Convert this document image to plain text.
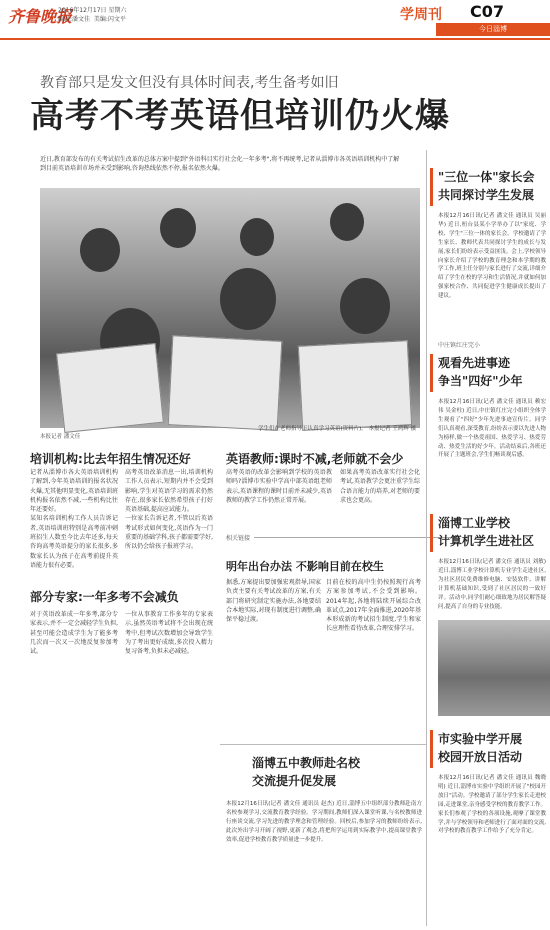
齐鲁晚报
2016年12月17日 星期六
编辑:潘文佳  美编:闪文平	学周刊 C07
今日淄博
教育部只是发文但没有具体时间表,考生备考如旧
高考不考英语但培训仍火爆
近日,教育部发布的有关考试招生改革的总体方案中提到"外语科目实行社会化一年多考",将不再统考,记者从淄博市各英语培训机构中了解到目前英语培训市场并未受到影响,咨询热线依然不停,报名依然火爆。
学生们在老师指导下认真学习英语(资料片)。 本报记者 王鸿辉 摄
本报记者 潘文佳
培训机构:比去年招生情况还好

记者从淄博市各大英语培训机构了解到,今年英语培训的报名状况火爆,无其他明显变化,英语培训班机构报名依然不减,一些机构比往年还要好。

某知名培训机构工作人员告诉记者,英语培训班特别是高考前冲刺班招生人数至今比去年还多,每天咨询高考英语提分的家长很多,多数家长认为孩子在高考前提升英语能力很有必要。

高考英语改革消息一出,培训机构工作人员表示,短期内并不会受到影响,学生对英语学习的需求仍然存在,很多家长依然希望孩子打好英语基础,提高应试能力。

一位家长告诉记者,不管以后英语考试形式如何变化,英语作为一门重要的基础学科,孩子都需要学好,所以仍会给孩子报班学习。

部分专家:一年多考不会减负

对于英语改革成一年多考,部分专家表示,并不一定会减轻学生负担,甚至可能会造成学生为了能多考几次而一次又一次地反复参加考试。

一位从事教育工作多年的专家表示,虽然英语考试将不会出现在统考中,但考试次数增加会导致学生为了考出更好成绩,多次投入精力复习备考,负担未必减轻。

英语教师:课时不减,老师就不会少

高考英语的改革会影响到学校的英语教师吗?淄博市实验中学高中部英语组老师表示,英语课程的课时目前并未减少,英语教师的教学工作仍然正常开展。

如果高考英语改革实行社会化考试,英语教学会更注重学生综合语言能力的培养,对老师的要求也会更高。

相关链接
明年出台办法 不影响目前在校生

据悉,方案提出要加强宏观指导,国家负责主要有关考试改革的方案,有关部门将研究制定实施办法,各地要结合本地实际,对现有制度进行调整,确保平稳过渡。

目前在校的高中生仍按照现行高考方案参加考试,不会受到影响。2014年起,各地将陆续开展综合改革试点,2017年全面推进,2020年基本形成新的考试招生制度,学生和家长应理性看待改革,合理安排学习。

淄博五中教师赴名校
交流提升促发展
本报12月16日讯(记者 潘文佳 通讯员 赵杰) 近日,淄博五中组织部分教师赴南方名校参观学习,交流教育教学经验。学习期间,教师们深入课堂听课,与名校教师进行座谈交流,学习先进的教学理念和管理经验。回校后,参加学习的教师纷纷表示,此次外出学习开阔了视野,更新了观念,将把所学运用到实际教学中,提高课堂教学效率,促进学校教育教学质量进一步提升。
"三位一体"家长会
共同探讨学生发展
本报12月16日讯(记者 潘文佳 通讯员 吴丽华) 近日,桓台县某小学举办了以"家庭、学校、学生"三位一体的家长会。学校邀请了学生家长、教师代表共同探讨学生的成长与发展,家长们纷纷表示受益匪浅。会上,学校领导向家长介绍了学校的教育理念和本学期的教学工作,班主任分别与家长进行了交流,详细介绍了学生在校的学习和生活情况,并就如何加强家校合作、共同促进学生健康成长提出了建议。
中庄镇红庄完小
观看先进事迹
争当"四好"少年
本报12月16日讯(记者 潘文佳 通讯员 赖宏伟 吴金柱) 近日,中庄镇红庄完小组织全体学生观看了"四好"少年先进事迹宣传片。同学们认真观看,深受教育,纷纷表示要以先进人物为榜样,做一个热爱祖国、热爱学习、热爱劳动、热爱生活的好少年。活动结束后,各班还开展了主题班会,学生们畅谈观后感。
淄博工业学校
计算机学生进社区
本报12月16日讯(记者 潘文佳 通讯员 刘敏) 近日,淄博工业学校计算机专业学生走进社区,为社区居民免费维修电脑、安装软件、讲解计算机基础知识,受到了社区居民的一致好评。活动中,同学们耐心细致地为居民解答疑问,提高了自身的专业技能。
市实验中学开展
校园开放日活动
本报12月16日讯(记者 潘文佳 通讯员 魏晓明) 近日,淄博市实验中学组织开展了"校园开放日"活动。学校邀请了部分学生家长走进校园,走进课堂,亲身感受学校的教育教学工作。家长们参观了学校的各项设施,观摩了课堂教学,并与学校领导和老师进行了面对面的交流,对学校的教育教学工作给予了充分肯定。
